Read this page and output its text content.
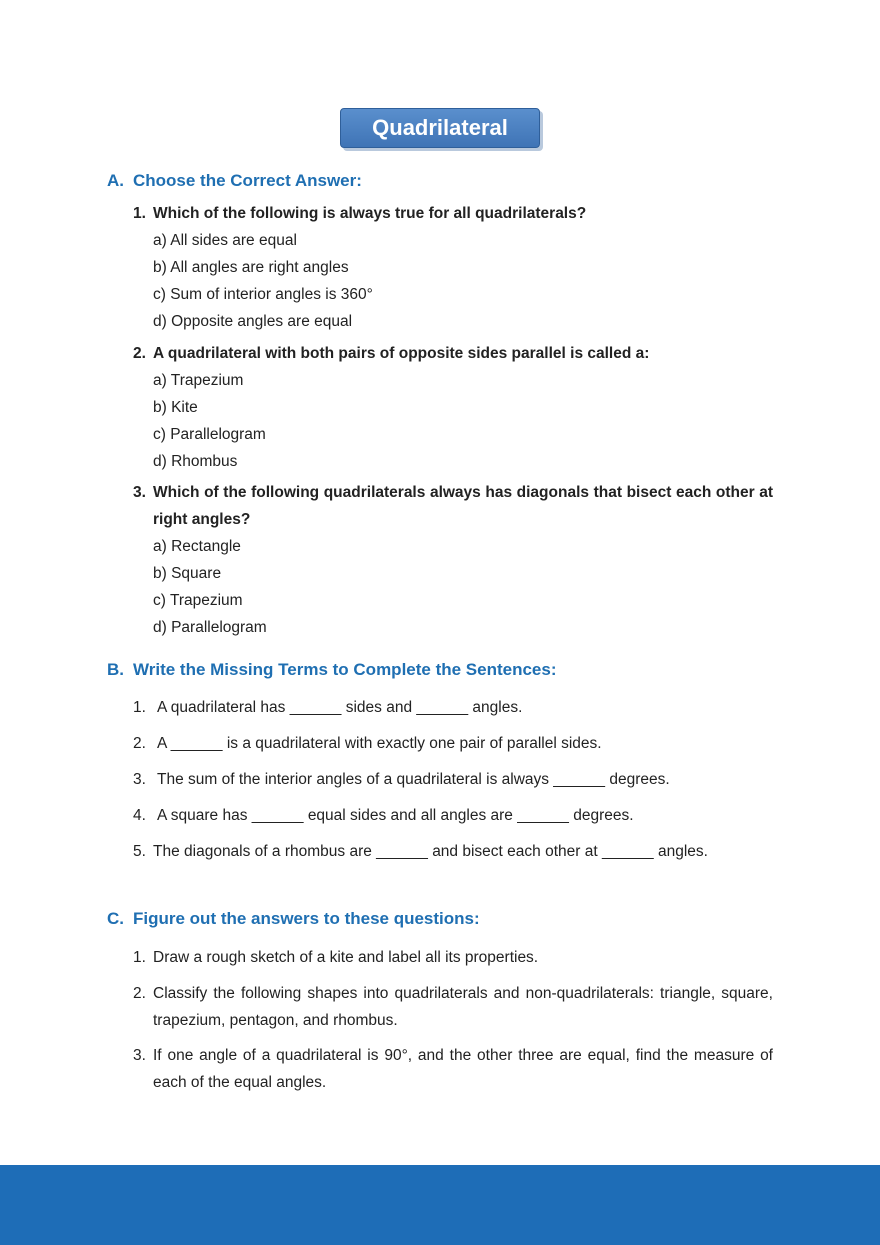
Quadrilateral
A. Choose the Correct Answer:
1. Which of the following is always true for all quadrilaterals?
a) All sides are equal
b) All angles are right angles
c) Sum of interior angles is 360°
d) Opposite angles are equal
2. A quadrilateral with both pairs of opposite sides parallel is called a:
a) Trapezium
b) Kite
c) Parallelogram
d) Rhombus
3. Which of the following quadrilaterals always has diagonals that bisect each other at right angles?
a) Rectangle
b) Square
c) Trapezium
d) Parallelogram
B. Write the Missing Terms to Complete the Sentences:
1. A quadrilateral has ______ sides and ______ angles.
2. A ______ is a quadrilateral with exactly one pair of parallel sides.
3. The sum of the interior angles of a quadrilateral is always ______ degrees.
4. A square has ______ equal sides and all angles are ______ degrees.
5. The diagonals of a rhombus are ______ and bisect each other at ______ angles.
C. Figure out the answers to these questions:
1. Draw a rough sketch of a kite and label all its properties.
2. Classify the following shapes into quadrilaterals and non-quadrilaterals: triangle, square, trapezium, pentagon, and rhombus.
3. If one angle of a quadrilateral is 90°, and the other three are equal, find the measure of each of the equal angles.
